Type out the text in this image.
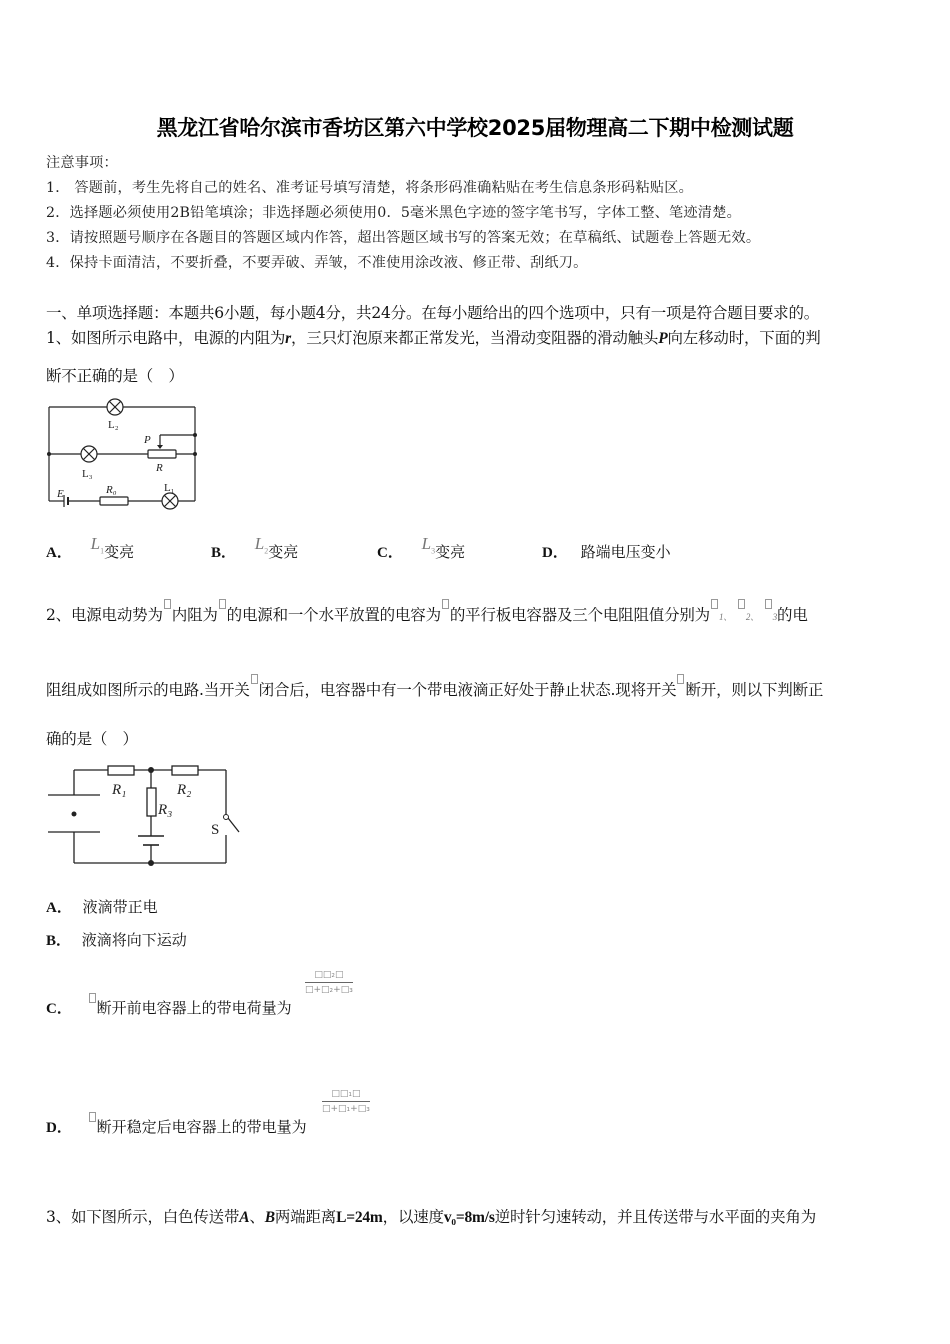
黑龙江省哈尔滨市香坊区第六中学校2025届物理高二下期中检测试题
注意事项：
1． 答题前，考生先将自己的姓名、准考证号填写清楚，将条形码准确粘贴在考生信息条形码粘贴区。
2．选择题必须使用2B铅笔填涂；非选择题必须使用0．5毫米黑色字迹的签字笔书写，字体工整、笔迹清楚。
3．请按照题号顺序在各题目的答题区域内作答，超出答题区域书写的答案无效；在草稿纸、试题卷上答题无效。
4．保持卡面清洁，不要折叠，不要弄破、弄皱，不准使用涂改液、修正带、刮纸刀。
一、单项选择题：本题共6小题，每小题4分，共24分。在每小题给出的四个选项中，只有一项是符合题目要求的。
1、如图所示电路中，电源的内阻为r，三只灯泡原来都正常发光，当滑动变阻器的滑动触头P向左移动时，下面的判
断不正确的是（　）
L₂
L₃
L₁
P
R
E	R₀
A． $L_1$变亮	B． $L_2$变亮	C． $L_3$变亮	D． 路端电压变小
2、电源电动势为 内阻为 的电源和一个水平放置的电容为 的平行板电容器及三个电阻阻值分别为 1、 2、 3的电
阻组成如图所示的电路.当开关 闭合后，电容器中有一个带电液滴正好处于静止状态.现将开关 断开，则以下判断正
确的是（　）
R₁	R₂
R₃
S
A． 液滴带正电
B． 液滴将向下运动
C． 断开前电容器上的带电荷量为
□□₂□
□+□₂+□₃
D． 断开稳定后电容器上的带电量为
□□₁□
□+□₁+□₃
3、如下图所示，白色传送带A、B两端距离L=24m，以速度v₀=8m/s逆时针匀速转动，并且传送带与水平面的夹角为
